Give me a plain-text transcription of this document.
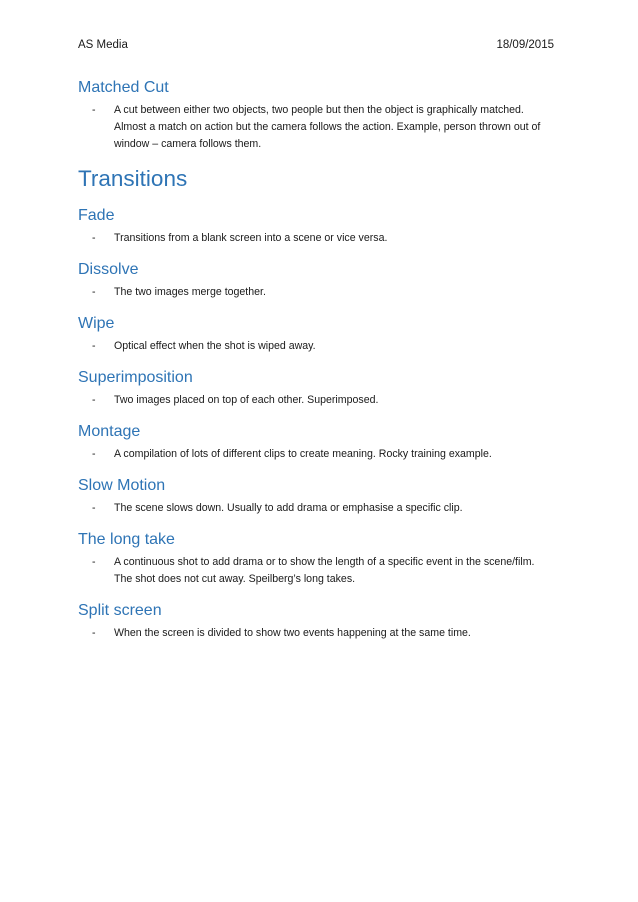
AS Media	18/09/2015
Matched Cut
-	A cut between either two objects, two people but then the object is graphically matched.
Almost a match on action but the camera follows the action. Example, person thrown out of
window – camera follows them.
Transitions
Fade
-	Transitions from a blank screen into a scene or vice versa.
Dissolve
-	The two images merge together.
Wipe
-	Optical effect when the shot is wiped away.
Superimposition
-	Two images placed on top of each other. Superimposed.
Montage
-	A compilation of lots of different clips to create meaning. Rocky training example.
Slow Motion
-	The scene slows down. Usually to add drama or emphasise a specific clip.
The long take
-	A continuous shot to add drama or to show the length of a specific event in the scene/film.
The shot does not cut away. Speilberg’s long takes.
Split screen
-	When the screen is divided to show two events happening at the same time.
